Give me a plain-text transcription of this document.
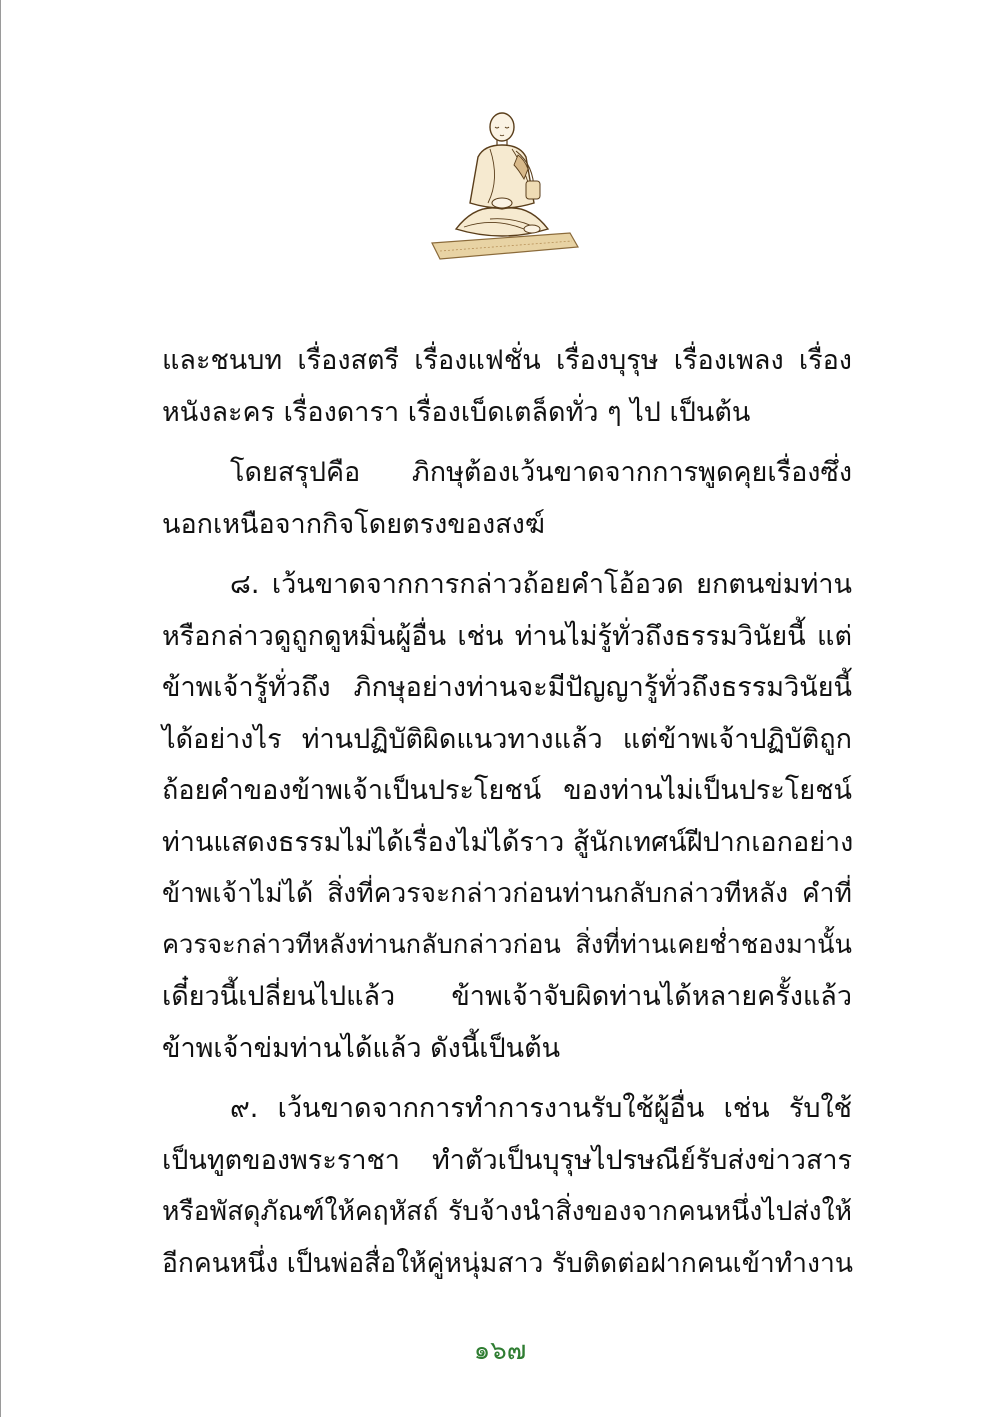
และชนบท เรื่องสตรี เรื่องแฟชั่น เรื่องบุรุษ เรื่องเพลง เรื่อง
หนังละคร เรื่องดารา เรื่องเบ็ดเตล็ดทั่ว ๆ ไป เป็นต้น
โดยสรุปคือ ภิกษุต้องเว้นขาดจากการพูดคุยเรื่องซึ่ง
นอกเหนือจากกิจโดยตรงของสงฆ์
๘. เว้นขาดจากการกล่าวถ้อยคำโอ้อวด ยกตนข่มท่าน
หรือกล่าวดูถูกดูหมิ่นผู้อื่น เช่น ท่านไม่รู้ทั่วถึงธรรมวินัยนี้ แต่
ข้าพเจ้ารู้ทั่วถึง ภิกษุอย่างท่านจะมีปัญญารู้ทั่วถึงธรรมวินัยนี้
ได้อย่างไร ท่านปฏิบัติผิดแนวทางแล้ว แต่ข้าพเจ้าปฏิบัติถูก
ถ้อยคำของข้าพเจ้าเป็นประโยชน์ ของท่านไม่เป็นประโยชน์
ท่านแสดงธรรมไม่ได้เรื่องไม่ได้ราว สู้นักเทศน์ฝีปากเอกอย่าง
ข้าพเจ้าไม่ได้ สิ่งที่ควรจะกล่าวก่อนท่านกลับกล่าวทีหลัง คำที่
ควรจะกล่าวทีหลังท่านกลับกล่าวก่อน สิ่งที่ท่านเคยช่ำชองมานั้น
เดี๋ยวนี้เปลี่ยนไปแล้ว ข้าพเจ้าจับผิดท่านได้หลายครั้งแล้ว
ข้าพเจ้าข่มท่านได้แล้ว ดังนี้เป็นต้น
๙. เว้นขาดจากการทำการงานรับใช้ผู้อื่น เช่น รับใช้
เป็นทูตของพระราชา ทำตัวเป็นบุรุษไปรษณีย์รับส่งข่าวสาร
หรือพัสดุภัณฑ์ให้คฤหัสถ์ รับจ้างนำสิ่งของจากคนหนึ่งไปส่งให้
อีกคนหนึ่ง เป็นพ่อสื่อให้คู่หนุ่มสาว รับติดต่อฝากคนเข้าทำงาน
๑๖๗
